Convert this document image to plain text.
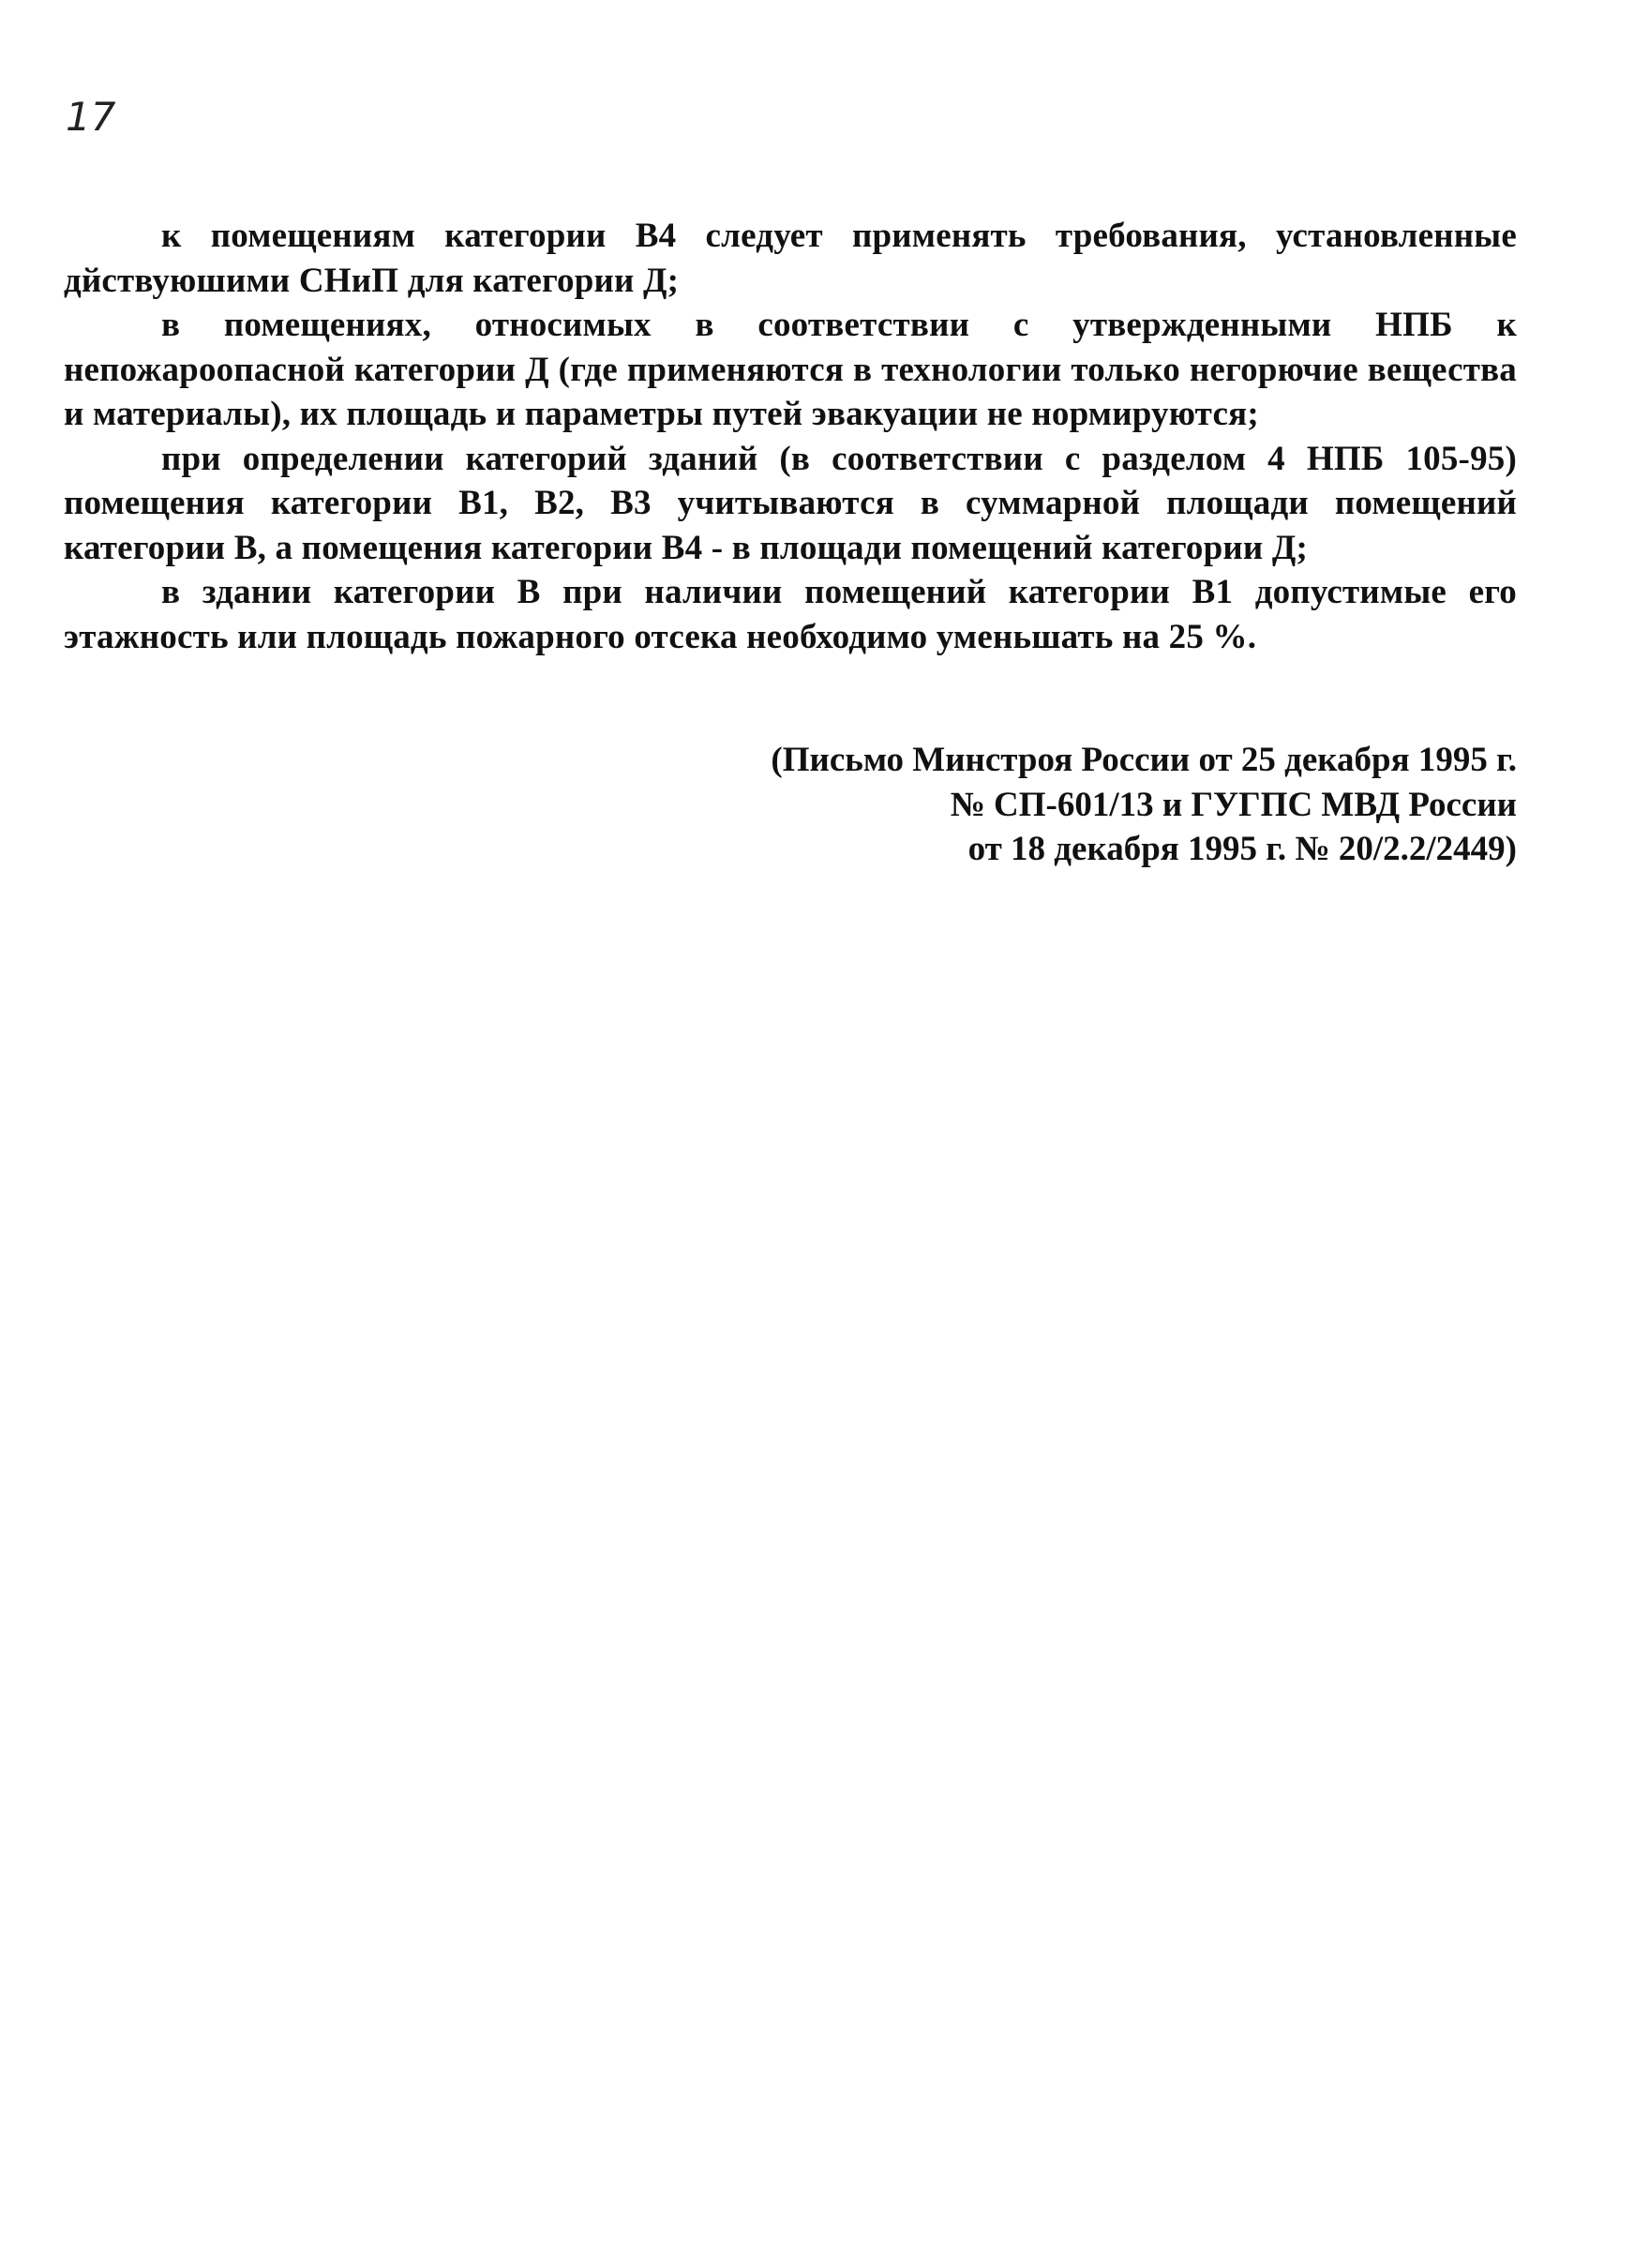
17

к помещениям категории В4 следует применять требования, установленные дйствуюшими СНиП для категории Д;

в помещениях, относимых в соответствии с утвержденными НПБ к непожароопасной категории Д (где применяются в технологии только негорючие вещества и материалы), их площадь и параметры путей эвакуации не нормируются;

при определении категорий зданий (в соответствии с разделом 4 НПБ 105-95) помещения категории В1, В2, В3 учитываются в суммарной площади помещений категории В, а помещения категории В4 - в площади помещений категории Д;

в здании категории В при наличии помещений категории В1 допустимые его этажность или площадь пожарного отсека необходимо уменьшать на 25 %.

(Письмо Минстроя России от 25 декабря 1995 г.
№ СП-601/13 и ГУГПС МВД России
от 18 декабря 1995 г. № 20/2.2/2449)
